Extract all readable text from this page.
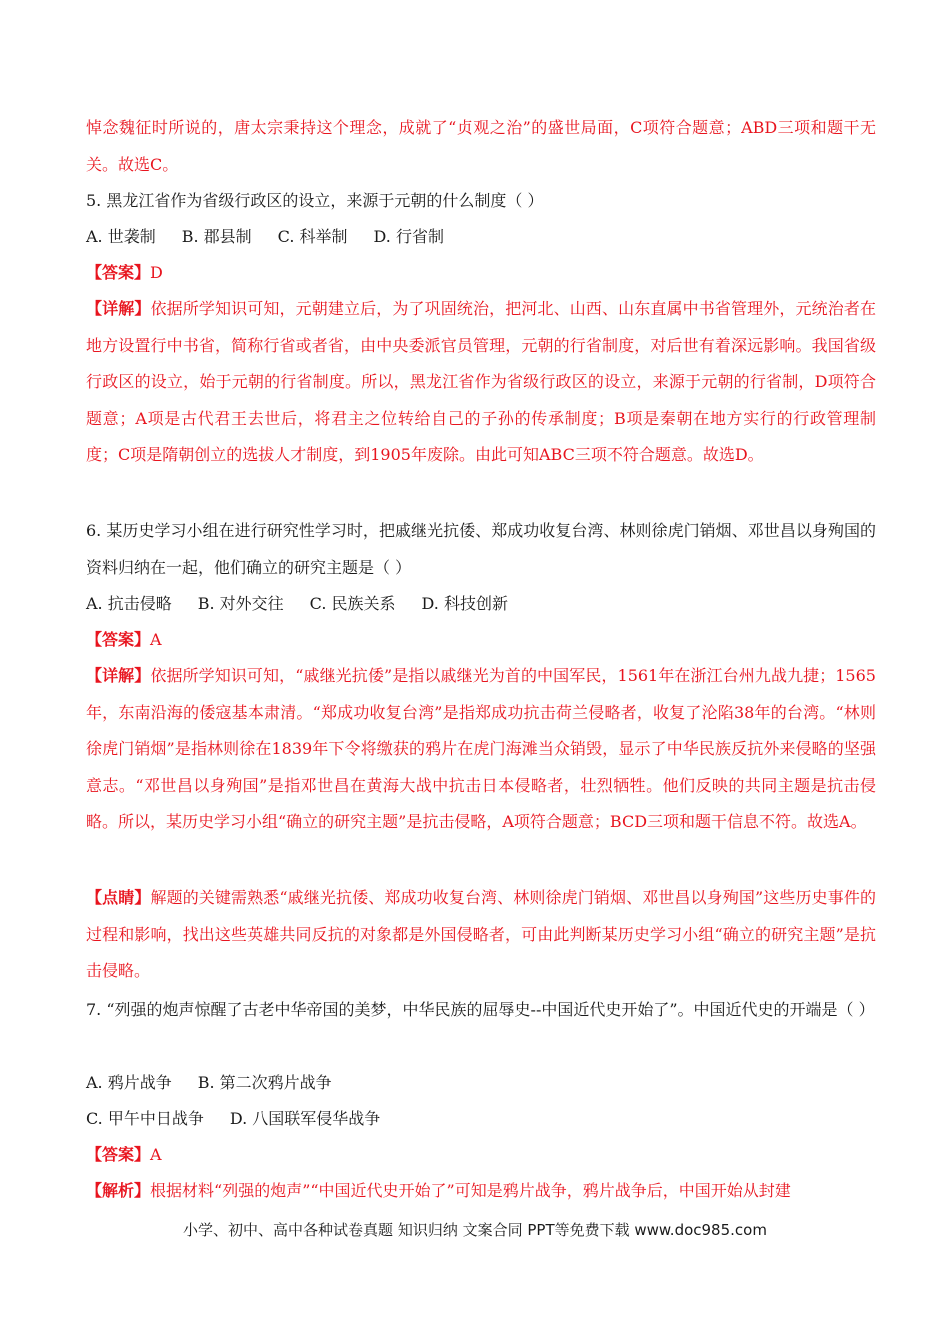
悼念魏征时所说的，唐太宗秉持这个理念，成就了“贞观之治”的盛世局面，C项符合题意；ABD三项和题干无关。故选C。

5. 黑龙江省作为省级行政区的设立，来源于元朝的什么制度（ ）

A. 世袭制 B. 郡县制 C. 科举制 D. 行省制

【答案】D

【详解】依据所学知识可知，元朝建立后，为了巩固统治，把河北、山西、山东直属中书省管理外，元统治者在地方设置行中书省，简称行省或者省，由中央委派官员管理，元朝的行省制度，对后世有着深远影响。我国省级行政区的设立，始于元朝的行省制度。所以，黑龙江省作为省级行政区的设立，来源于元朝的行省制，D项符合题意；A项是古代君王去世后，将君主之位转给自己的子孙的传承制度；B项是秦朝在地方实行的行政管理制度；C项是隋朝创立的选拔人才制度，到1905年废除。由此可知ABC三项不符合题意。故选D。

6. 某历史学习小组在进行研究性学习时，把戚继光抗倭、郑成功收复台湾、林则徐虎门销烟、邓世昌以身殉国的资料归纳在一起，他们确立的研究主题是（ ）

A. 抗击侵略 B. 对外交往 C. 民族关系 D. 科技创新

【答案】A

【详解】依据所学知识可知，“戚继光抗倭”是指以戚继光为首的中国军民，1561年在浙江台州九战九捷；1565年，东南沿海的倭寇基本肃清。“郑成功收复台湾”是指郑成功抗击荷兰侵略者，收复了沦陷38年的台湾。“林则徐虎门销烟”是指林则徐在1839年下令将缴获的鸦片在虎门海滩当众销毁，显示了中华民族反抗外来侵略的坚强意志。“邓世昌以身殉国”是指邓世昌在黄海大战中抗击日本侵略者，壮烈牺牲。他们反映的共同主题是抗击侵略。所以，某历史学习小组“确立的研究主题”是抗击侵略，A项符合题意；BCD三项和题干信息不符。故选A。

【点睛】解题的关键需熟悉“戚继光抗倭、郑成功收复台湾、林则徐虎门销烟、邓世昌以身殉国”这些历史事件的过程和影响，找出这些英雄共同反抗的对象都是外国侵略者，可由此判断某历史学习小组“确立的研究主题”是抗击侵略。

7. “列强的炮声惊醒了古老中华帝国的美梦，中华民族的屈辱史--中国近代史开始了”。中国近代史的开端是（ ）

A. 鸦片战争 B. 第二次鸦片战争

C. 甲午中日战争 D. 八国联军侵华战争

【答案】A

【解析】根据材料“列强的炮声”“中国近代史开始了”可知是鸦片战争，鸦片战争后，中国开始从封建

小学、初中、高中各种试卷真题 知识归纳 文案合同 PPT等免费下载 www.doc985.com
